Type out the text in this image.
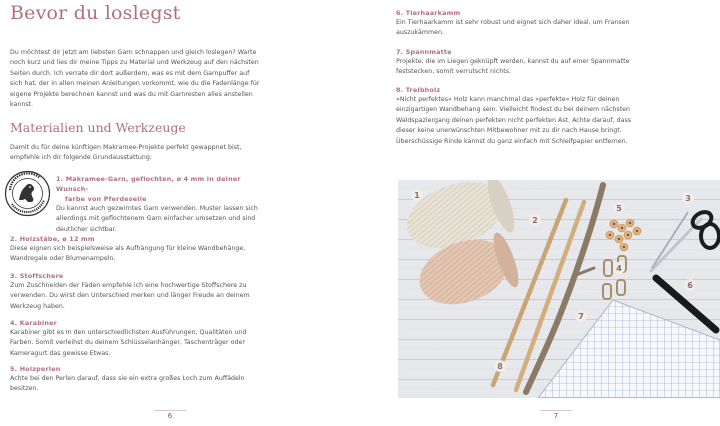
Bevor du loslegst
Du möchtest dir jetzt am liebsten Garn schnappen und gleich loslegen? Warte noch kurz und lies dir meine Tipps zu Material und Werkzeug auf den nächsten Seiten durch. Ich verrate dir dort außerdem, was es mit dem Garnpuffer auf sich hat, der in allen meinen Anleitungen vorkommt, wie du die Fadenlänge für eigene Projekte berechnen kannst und was du mit Garnresten alles anstellen kannst.
Materialien und Werkzeuge
Damit du für deine künftigen Makramee-Projekte perfekt gewappnet bist, empfehle ich dir folgende Grundausstattung:
1. Makramee-Garn, geflochten, ø 4 mm in deiner Wunsch-
farbe von Pferdeseile
Du kannst auch gezwirntes Garn verwenden. Muster lassen sich allerdings mit geflochtenem Garn einfacher umsetzen und sind deutlicher sichtbar.
2. Holzstäbe, ø 12 mm
Diese eignen sich beispielsweise als Aufhängung für kleine Wandbehänge, Wandregale oder Blumenampeln.
3. Stoffschere
Zum Zuschneiden der Fäden empfehle ich eine hochwertige Stoffschere zu verwenden. Du wirst den Unterschied merken und länger Freude an deinem Werkzeug haben.
4. Karabiner
Karabiner gibt es in den unterschiedlichsten Ausführungen, Qualitäten und Farben. Somit verleihst du deinem Schlüsselanhänger, Taschenträger oder Kameragurt das gewisse Etwas.
5. Holzperlen
Achte bei den Perlen darauf, dass sie ein extra großes Loch zum Auffädeln besitzen.
6
6. Tierhaarkamm
Ein Tierhaarkamm ist sehr robust und eignet sich daher ideal, um Fransen auszukämmen.
7. Spannmatte
Projekte, die im Liegen geknüpft werden, kannst du auf einer Spannmatte feststecken, somit verrutscht nichts.
8. Treibholz
»Nicht perfektes« Holz kann manchmal das »perfekte« Holz für deinen einzigartigen Wandbehang sein. Vielleicht findest du bei deinem nächsten Waldspaziergang deinen perfekten nicht perfekten Ast. Achte darauf, dass dieser keine unerwünschten Mitbewohner mit zu dir nach Hause bringt. Überschüssige Rinde kannst du ganz einfach mit Schleifpapier entfernen.
1
2
3
4
5
6
7
8
7
